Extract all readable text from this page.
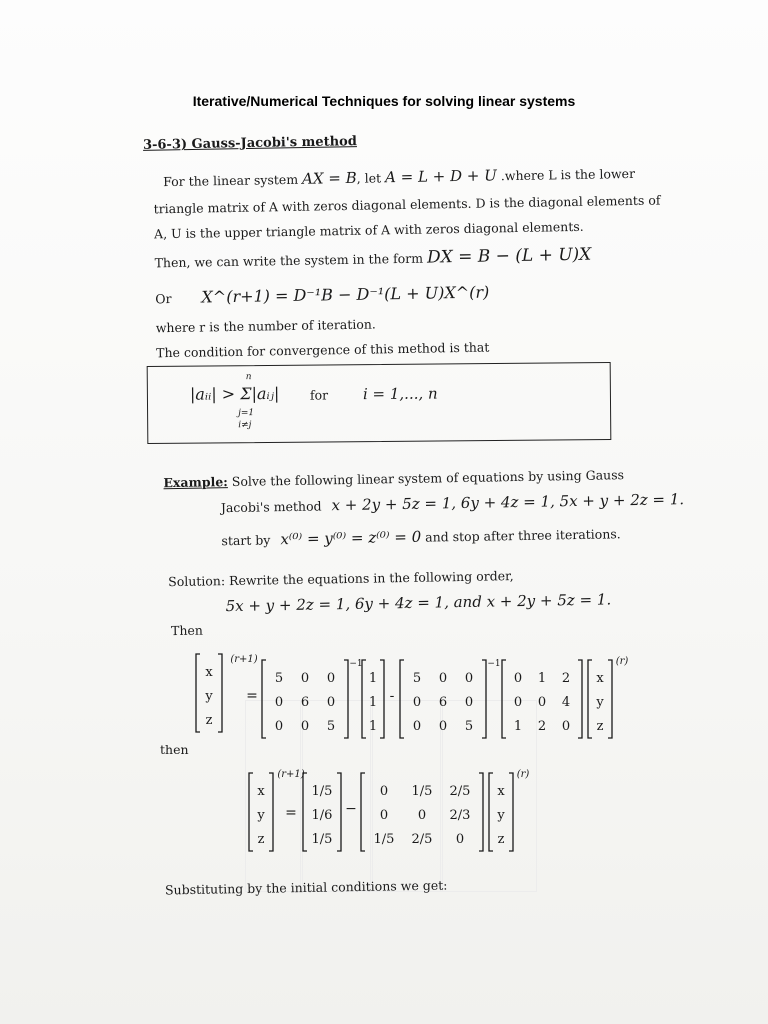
Iterative/Numerical Techniques for solving linear systems
3-6-3) Gauss-Jacobi's method
For the linear system AX = B, let A = L + D + U .where L is the lower
triangle matrix of A with zeros diagonal elements. D is the diagonal elements of
A, U is the upper triangle matrix of A with zeros diagonal elements.
Then, we can write the system in the form DX = B − (L + U)X
Or X^(r+1) = D⁻¹B − D⁻¹(L + U)X^(r)
where r is the number of iteration.
The condition for convergence of this method is that
|aᵢᵢ| > Σ|aᵢⱼ|
n
j=1
i≠j
for i = 1,..., n
Example: Solve the following linear system of equations by using Gauss
Jacobi's method x + 2y + 5z = 1, 6y + 4z = 1, 5x + y + 2z = 1.
start by x⁽⁰⁾ = y⁽⁰⁾ = z⁽⁰⁾ = 0 and stop after three iterations.
Solution: Rewrite the equations in the following order,
5x + y + 2z = 1, 6y + 4z = 1, and x + 2y + 5z = 1.
Then
x
y
z
(r+1)
=
5 0 0
0 6 0
0 0 5
−1
1
1
1
-
5 0 0
0 6 0
0 0 5
−1
0 1 2
0 0 4
1 2 0
x
y
z
(r)
then
x
y
z
(r+1)
=
1/5
1/6
1/5
−
0 1/5 2/5
0 0 2/3
1/5 2/5 0
x
y
z
(r)
Substituting by the initial conditions we get:
